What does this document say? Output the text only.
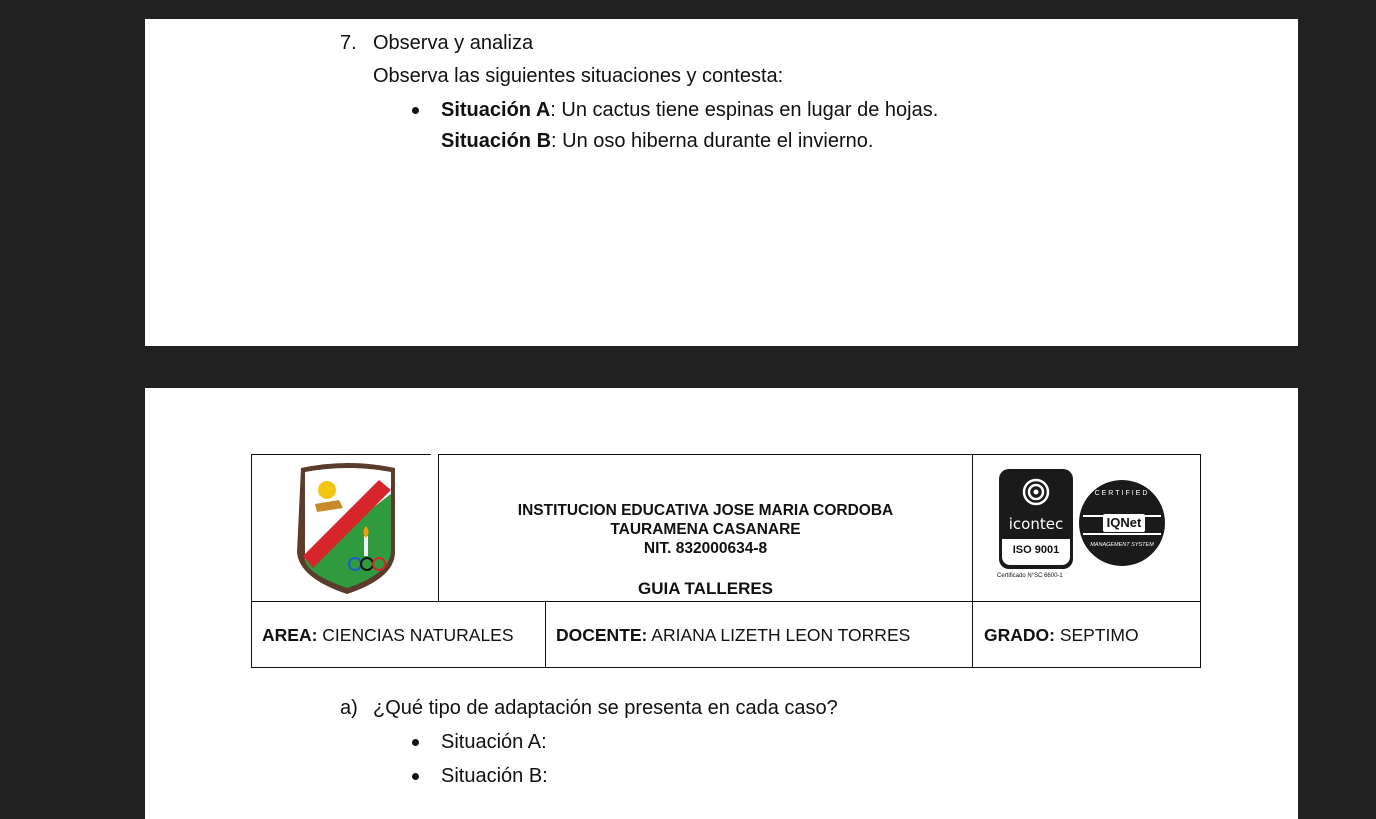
7. Observa y analiza
Observa las siguientes situaciones y contesta:
Situación A: Un cactus tiene espinas en lugar de hojas.
Situación B: Un oso hiberna durante el invierno.
INSTITUCION EDUCATIVA JOSE MARIA CORDOBA
TAURAMENA CASANARE
NIT. 832000634-8
GUIA TALLERES
icontec
ISO 9001
Certificado N°SC 6600-1
CERTIFIED
IQNet
MANAGEMENT SYSTEM
AREA: CIENCIAS NATURALES DOCENTE: ARIANA LIZETH LEON TORRES	GRADO: SEPTIMO
a) ¿Qué tipo de adaptación se presenta en cada caso?
Situación A:
Situación B:
